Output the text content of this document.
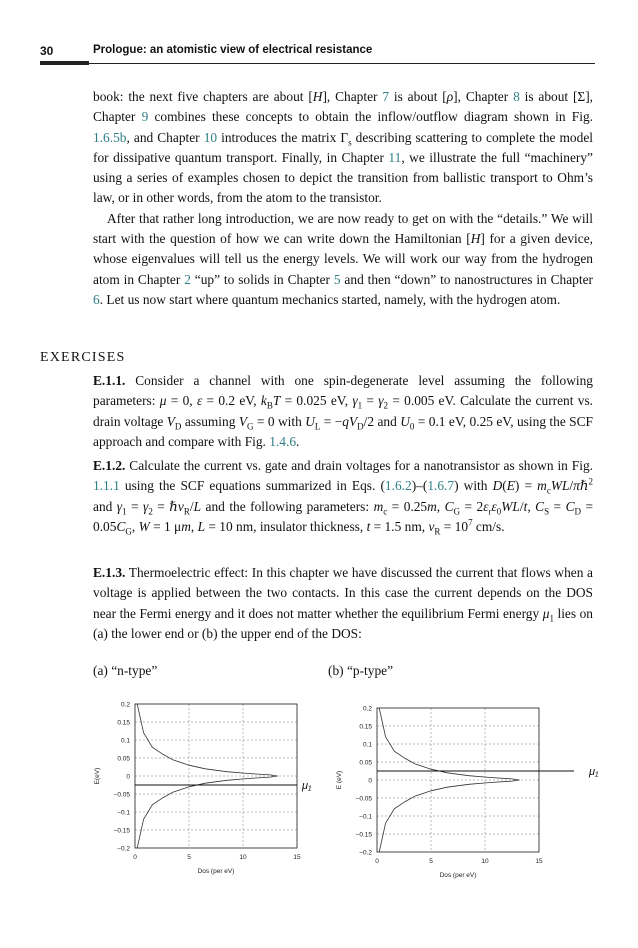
30	Prologue: an atomistic view of electrical resistance

book: the next five chapters are about [H], Chapter 7 is about [ρ], Chapter 8 is about [Σ], Chapter 9 combines these concepts to obtain the inflow/outflow diagram shown in Fig. 1.6.5b, and Chapter 10 introduces the matrix $\Gamma_s$ describing scattering to complete the model for dissipative quantum transport. Finally, in Chapter 11, we illustrate the full “machinery” using a series of examples chosen to depict the transition from ballistic transport to Ohm’s law, or in other words, from the atom to the transistor.

After that rather long introduction, we are now ready to get on with the “details.” We will start with the question of how we can write down the Hamiltonian [H] for a given device, whose eigenvalues will tell us the energy levels. We will work our way from the hydrogen atom in Chapter 2 “up” to solids in Chapter 5 and then “down” to nanostructures in Chapter 6. Let us now start where quantum mechanics started, namely, with the hydrogen atom.

EXERCISES
E.1.1. Consider a channel with one spin-degenerate level assuming the following parameters: μ = 0, ε = 0.2 eV, $k_BT = 0.025$ eV, $\gamma_1 = \gamma_2 = 0.005$ eV. Calculate the current vs. drain voltage $V_D$ assuming $V_G = 0$ with $U_L = -qV_D/2$ and $U_0 = 0.1$ eV, 0.25 eV, using the SCF approach and compare with Fig. 1.4.6.
E.1.2. Calculate the current vs. gate and drain voltages for a nanotransistor as shown in Fig. 1.1.1 using the SCF equations summarized in Eqs. (1.6.2)–(1.6.7) with $D(E) = m_cWL/\pi\hbar^2$ and $\gamma_1 = \gamma_2$ = ℏv$_R$/L and the following parameters: $m_c = 0.25m$, $C_G = 2\varepsilon_r\varepsilon_0WL/t$, $C_S = C_D = 0.05C_G$, W = 1 μm, L = 10 nm, insulator thickness, t = 1.5 nm, $v_R = 10^7$ cm/s.
E.1.3. Thermoelectric effect: In this chapter we have discussed the current that flows when a voltage is applied between the two contacts. In this case the current depends on the DOS near the Fermi energy and it does not matter whether the equilibrium Fermi energy $\mu_1$ lies on (a) the lower end or (b) the upper end of the DOS:
(a) “n-type”	(b) “p-type”
0.2
0.15
0.1
0.05
0
−0.05
−0.1
−0.15
−0.2
0	5	10	15
Dos (per eV)
E(eV)
μ₁
0.2
0.15
0.1
0.05
0
−0.05
−0.1
−0.15
−0.2
0	5	10	15
Dos (per eV)
E (eV)	μ₁
